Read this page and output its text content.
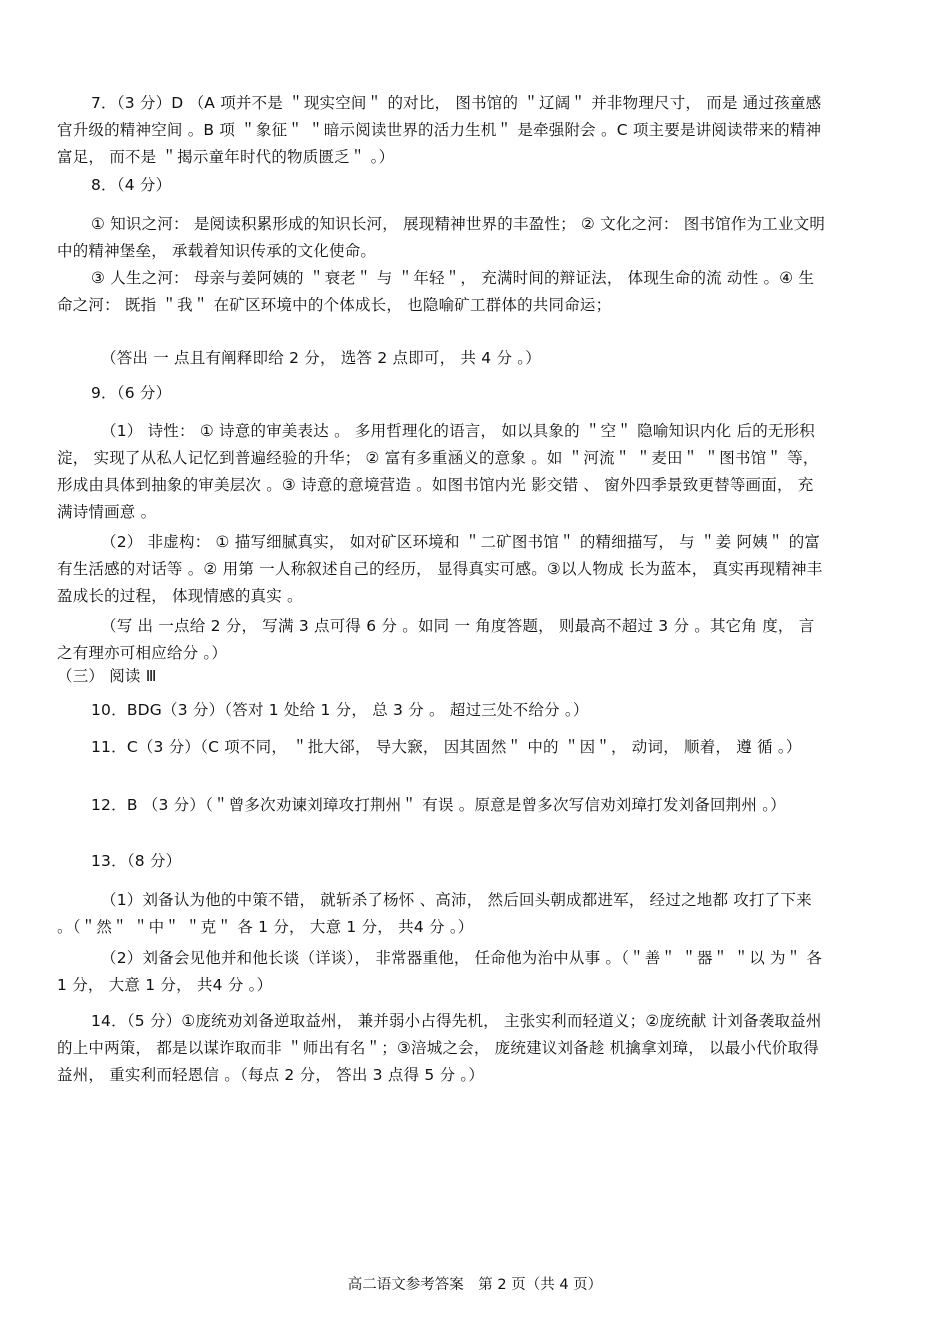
7．（3 分）D （A 项并不是 ＂现实空间＂ 的对比， 图书馆的 ＂辽阔＂ 并非物理尺寸， 而是 通过孩童感官升级的精神空间 。B 项 ＂象征＂ ＂暗示阅读世界的活力生机＂ 是牵强附会 。C 项主要是讲阅读带来的精神富足， 而不是 ＂揭示童年时代的物质匮乏＂ 。）

8．（4 分）

① 知识之河： 是阅读积累形成的知识长河， 展现精神世界的丰盈性； ② 文化之河： 图书馆作为工业文明中的精神堡垒， 承载着知识传承的文化使命。

③ 人生之河： 母亲与姜阿姨的 ＂衰老＂ 与 ＂年轻＂， 充满时间的辩证法， 体现生命的流 动性 。④ 生命之河： 既指 ＂我＂ 在矿区环境中的个体成长， 也隐喻矿工群体的共同命运；

（答出 一 点且有阐释即给 2 分， 选答 2 点即可， 共 4 分 。）

9．（6 分）

（1） 诗性： ① 诗意的审美表达 。 多用哲理化的语言， 如以具象的 ＂空＂ 隐喻知识内化 后的无形积淀， 实现了从私人记忆到普遍经验的升华； ② 富有多重涵义的意象 。如 ＂河流＂ ＂麦田＂ ＂图书馆＂ 等， 形成由具体到抽象的审美层次 。③ 诗意的意境营造 。如图书馆内光 影交错 、 窗外四季景致更替等画面， 充满诗情画意 。

（2） 非虚构： ① 描写细腻真实， 如对矿区环境和 ＂二矿图书馆＂ 的精细描写， 与 ＂姜 阿姨＂ 的富有生活感的对话等 。② 用第 一人称叙述自己的经历， 显得真实可感。③以人物成 长为蓝本， 真实再现精神丰盈成长的过程， 体现情感的真实 。

（写 出 一点给 2 分， 写满 3 点可得 6 分 。如同 一 角度答题， 则最高不超过 3 分 。其它角 度， 言之有理亦可相应给分 。）

（三） 阅读 Ⅲ

10．BDG（3 分）（答对 1 处给 1 分， 总 3 分 。 超过三处不给分 。）

11．C（3 分）（C 项不同， ＂批大郤， 导大窾， 因其固然＂ 中的 ＂因＂， 动词， 顺着， 遵 循 。）

12．B （3 分）（＂曾多次劝谏刘璋攻打荆州＂ 有误 。原意是曾多次写信劝刘璋打发刘备回荆州 。）

13．（8 分）

（1）刘备认为他的中策不错， 就斩杀了杨怀 、高沛， 然后回头朝成都进军， 经过之地都 攻打了下来 。（＂然＂ ＂中＂ ＂克＂ 各 1 分， 大意 1 分， 共4 分 。）

（2）刘备会见他并和他长谈（详谈）， 非常器重他， 任命他为治中从事 。（＂善＂ ＂器＂ ＂以 为＂ 各 1 分， 大意 1 分， 共4 分 。）

14．（5 分）①庞统劝刘备逆取益州， 兼并弱小占得先机， 主张实利而轻道义；②庞统献 计刘备袭取益州的上中两策， 都是以谋诈取而非 ＂师出有名＂；③涪城之会， 庞统建议刘备趁 机擒拿刘璋， 以最小代价取得益州， 重实利而轻恩信 。（每点 2 分， 答出 3 点得 5 分 。）

高二语文参考答案　第 2 页（共 4 页）
